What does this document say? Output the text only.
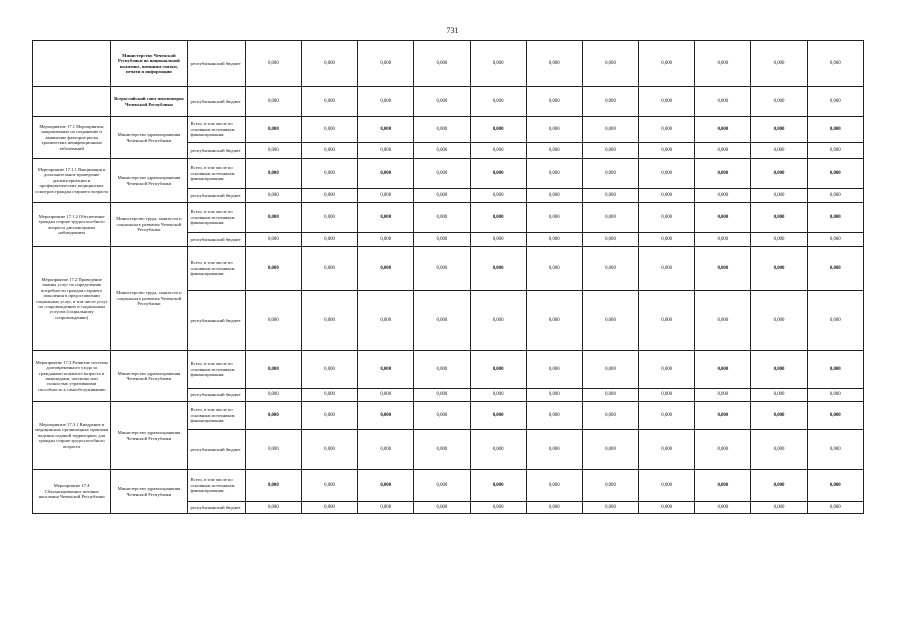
731
	Министерство Чеченской Республики по национальной политике, внешним связям, печати и информации	республиканский бюджет	0,000	0,000	0,000	0,000	0,000	0,000	0,000	0,000	0,000	0,000	0,000
	Всероссийский союз пенсионеров Чеченской Республики	республиканский бюджет	0,000	0,000	0,000	0,000	0,000	0,000	0,000	0,000	0,000	0,000	0,000
Мероприятие 17.1 Мероприятия, направленные на сохранение и выявление факторов риска хронических неинфекционных заболеваний	Министерство здравоохранения Чеченской Республики	Всего, в том числе по основным источникам финансирования:	0,000	0,000	0,000	0,000	0,000	0,000	0,000	0,000	0,000	0,000	0,000
		республиканский бюджет	0,000	0,000	0,000	0,000	0,000	0,000	0,000	0,000	0,000	0,000	0,000
Мероприятие 17.1.1 Вакцинация и дополнительное проведение диспансеризации и профилактических медицинских осмотров граждан старшего возраста	Министерство здравоохранения Чеченской Республики	Всего, в том числе по основным источникам финансирования:	0,000	0,000	0,000	0,000	0,000	0,000	0,000	0,000	0,000	0,000	0,000
		республиканский бюджет	0,000	0,000	0,000	0,000	0,000	0,000	0,000	0,000	0,000	0,000	0,000
Мероприятие 17.1.2 Обеспечение граждан старше трудоспособного возраста диспансерным наблюдением	Министерство труда, занятости и социального развития Чеченской Республики	Всего, в том числе по основным источникам финансирования:	0,000	0,000	0,000	0,000	0,000	0,000	0,000	0,000	0,000	0,000	0,000
		республиканский бюджет	0,000	0,000	0,000	0,000	0,000	0,000	0,000	0,000	0,000	0,000	0,000
Мероприятие 17.2 Проведение замены услуг по определению потребности граждан старшего поколения в предоставлении социальных услуг, в том числе услуг по сопровождению и социальным услугам (социальному сопровождению)	Министерство труда, занятости и социального развития Чеченской Республики	Всего, в том числе по основным источникам финансирования:	0,000	0,000	0,000	0,000	0,000	0,000	0,000	0,000	0,000	0,000	0,000
		республиканский бюджет	0,000	0,000	0,000	0,000	0,000	0,000	0,000	0,000	0,000	0,000	0,000
Мероприятие 17.3 Развитие системы долговременного ухода за гражданами пожилого возраста и инвалидами, частично или полностью утратившими способность к самообслуживанию	Министерство здравоохранения Чеченской Республики	Всего, в том числе по основным источникам финансирования:	0,000	0,000	0,000	0,000	0,000	0,000	0,000	0,000	0,000	0,000	0,000
		республиканский бюджет	0,000	0,000	0,000	0,000	0,000	0,000	0,000	0,000	0,000	0,000	0,000
Мероприятие 17.3.1 Внедрение в медицинских организациях практики ведения «единой территории» для граждан старше трудоспособного возраста	Министерство здравоохранения Чеченской Республики	Всего, в том числе по основным источникам финансирования:	0,000	0,000	0,000	0,000	0,000	0,000	0,000	0,000	0,000	0,000	0,000
		республиканский бюджет	0,000	0,000	0,000	0,000	0,000	0,000	0,000	0,000	0,000	0,000	0,000
Мероприятие 17.4 Сбалансированное питание населения Чеченской Республики	Министерство здравоохранения Чеченской Республики	Всего, в том числе по основным источникам финансирования:	0,000	0,000	0,000	0,000	0,000	0,000	0,000	0,000	0,000	0,000	0,000
		республиканский бюджет	0,000	0,000	0,000	0,000	0,000	0,000	0,000	0,000	0,000	0,000	0,000
